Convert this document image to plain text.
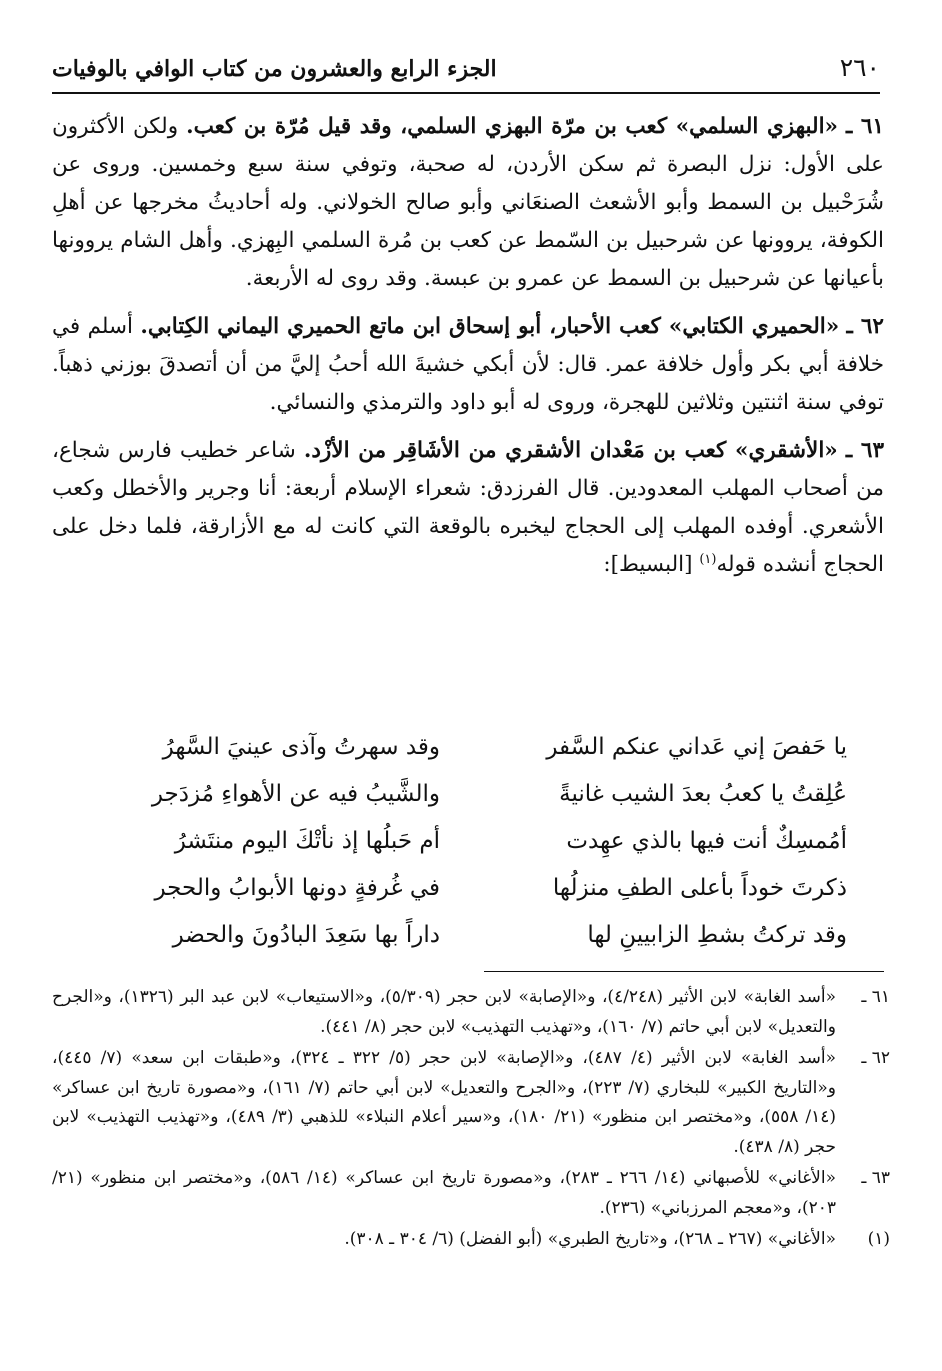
٢٦٠
الجزء الرابع والعشرون من كتاب الوافي بالوفيات

٦١ ـ «البهزي السلمي» كعب بن مرّة البهزي السلمي، وقد قيل مُرّة بن كعب. ولكن الأكثرون على الأول: نزل البصرة ثم سكن الأردن، له صحبة، وتوفي سنة سبع وخمسين. وروى عن شُرَحْبيل بن السمط وأبو الأشعث الصنعَاني وأبو صالح الخولاني. وله أحاديثُ مخرجها عن أهلِ الكوفة، يروونها عن شرحبيل بن السّمط عن كعب بن مُرة السلمي البِهزي. وأهل الشام يروونها بأعيانها عن شرحبيل بن السمط عن عمرو بن عبسة. وقد روى له الأربعة.

٦٢ ـ «الحميري الكتابي» كعب الأحبار، أبو إسحاق ابن ماتع الحميري اليماني الكِتابي. أسلم في خلافة أبي بكر وأول خلافة عمر. قال: لأن أبكي خشيةَ الله أحبُ إليَّ من أن أتصدقَ بوزني ذهباً. توفي سنة اثنتين وثلاثين للهجرة، وروى له أبو داود والترمذي والنسائي.

٦٣ ـ «الأشقري» كعب بن مَعْدان الأشقري من الأشَاقِر من الأزْد. شاعر خطيب فارس شجاع، من أصحاب المهلب المعدودين. قال الفرزدق: شعراء الإسلام أربعة: أنا وجرير والأخطل وكعب الأشعري. أوفده المهلب إلى الحجاج ليخبره بالوقعة التي كانت له مع الأزارقة، فلما دخل على الحجاج أنشده قوله$^{(١)}$ [البسيط]:

يا حَفصَ إني عَداني عنكم السَّفر
وقد سهرتُ وآذى عينيَ السَّهرُ
عُلِقتُ يا كعبُ بعدَ الشيب غانيةً
والشَّيبُ فيه عن الأهواءِ مُزدَجر
أمُمسِكٌ أنت فيها بالذي عهِدت
أم حَبلُها إذ نأتْكَ اليوم منتَشرُ
ذكرتَ خوداً بأعلى الطفِ منزلُها
في غُرفةٍ دونها الأبوابُ والحجر
وقد تركتُ بشطِ الزابيينِ لها
داراً بها سَعِدَ البادُونَ والحضر
٦١ ـ
«أسد الغابة» لابن الأثير (٤/٢٤٨)، و«الإصابة» لابن حجر (٥/٣٠٩)، و«الاستيعاب» لابن عبد البر (١٣٢٦)، و«الجرح والتعديل» لابن أبي حاتم (٧/ ١٦٠)، و«تهذيب التهذيب» لابن حجر (٨/ ٤٤١).
٦٢ ـ
«أسد الغابة» لابن الأثير (٤/ ٤٨٧)، و«الإصابة» لابن حجر (٥/ ٣٢٢ ـ ٣٢٤)، و«طبقات ابن سعد» (٧/ ٤٤٥)، و«التاريخ الكبير» للبخاري (٧/ ٢٢٣)، و«الجرح والتعديل» لابن أبي حاتم (٧/ ١٦١)، و«مصورة تاريخ ابن عساكر» (١٤/ ٥٥٨)، و«مختصر ابن منظور» (٢١/ ١٨٠)، و«سير أعلام النبلاء» للذهبي (٣/ ٤٨٩)، و«تهذيب التهذيب» لابن حجر (٨/ ٤٣٨).
٦٣ ـ
«الأغاني» للأصبهاني (١٤/ ٢٦٦ ـ ٢٨٣)، و«مصورة تاريخ ابن عساكر» (١٤/ ٥٨٦)، و«مختصر ابن منظور» (٢١/ ٢٠٣)، و«معجم المرزباني» (٢٣٦).
(١)
«الأغاني» (٢٦٧ ـ ٢٦٨)، و«تاريخ الطبري» (أبو الفضل) (٦/ ٣٠٤ ـ ٣٠٨).
